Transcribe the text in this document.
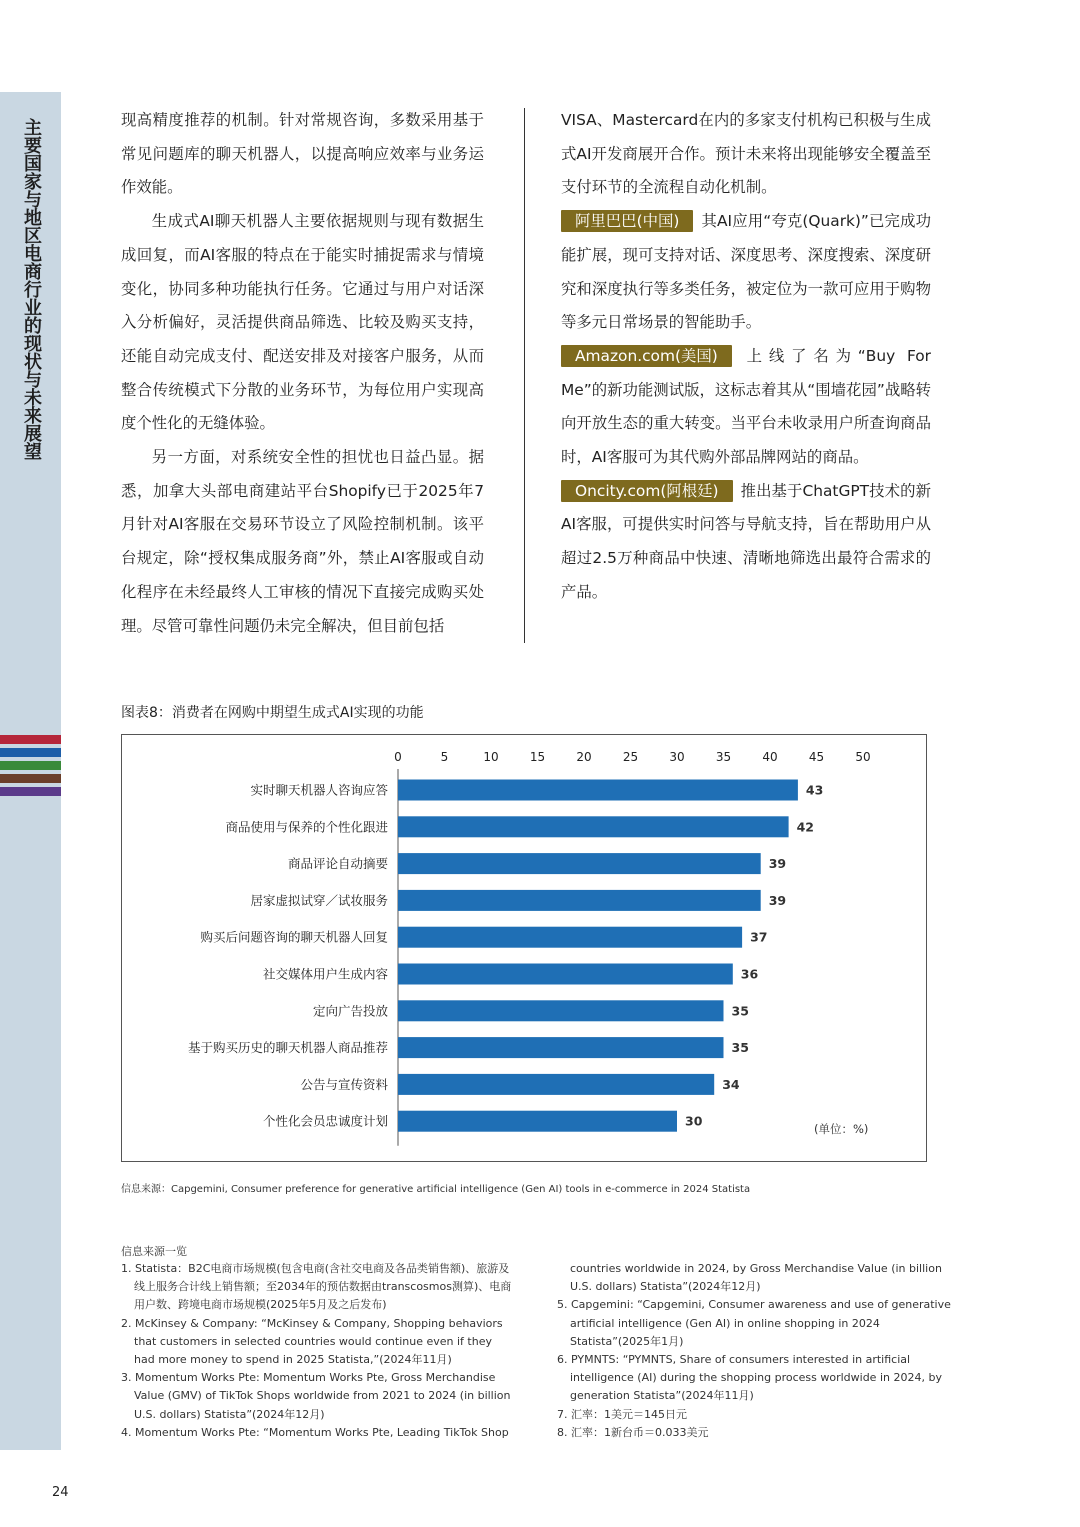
主要国家与地区电商行业的现状与未来展望	现高精度推荐的机制。针对常规咨询，多数采用基于常见问题库的聊天机器人，以提高响应效率与业务运作效能。

生成式AI聊天机器人主要依据规则与现有数据生成回复，而AI客服的特点在于能实时捕捉需求与情境变化，协同多种功能执行任务。它通过与用户对话深入分析偏好，灵活提供商品筛选、比较及购买支持，还能自动完成支付、配送安排及对接客户服务，从而整合传统模式下分散的业务环节，为每位用户实现高度个性化的无缝体验。

另一方面，对系统安全性的担忧也日益凸显。据悉，加拿大头部电商建站平台Shopify已于2025年7月针对AI客服在交易环节设立了风险控制机制。该平台规定，除“授权集成服务商”外，禁止AI客服或自动化程序在未经最终人工审核的情况下直接完成购买处理。尽管可靠性问题仍未完全解决，但目前包括

VISA、Mastercard在内的多家支付机构已积极与生成式AI开发商展开合作。预计未来将出现能够安全覆盖至支付环节的全流程自动化机制。

阿里巴巴(中国) 其AI应用“夸克(Quark)”已完成功能扩展，现可支持对话、深度思考、深度搜索、深度研究和深度执行等多类任务，被定位为一款可应用于购物等多元日常场景的智能助手。

Amazon.com(美国) 上线了名为“Buy For Me”的新功能测试版，这标志着其从“围墙花园”战略转向开放生态的重大转变。当平台未收录用户所查询商品时，AI客服可为其代购外部品牌网站的商品。

Oncity.com(阿根廷) 推出基于ChatGPT技术的新AI客服，可提供实时问答与导航支持，旨在帮助用户从超过2.5万种商品中快速、清晰地筛选出最符合需求的产品。

图表8：消费者在网购中期望生成式AI实现的功能
0	5	10	15	20	25	30	35	40	45	50
实时聊天机器人咨询应答	43
商品使用与保养的个性化跟进	42
商品评论自动摘要	39
居家虚拟试穿／试妆服务	39
购买后问题咨询的聊天机器人回复	37
社交媒体用户生成内容	36
定向广告投放	35
基于购买历史的聊天机器人商品推荐	35
公告与宣传资料	34
个性化会员忠诚度计划	30
(单位：%)
信息来源：Capgemini, Consumer preference for generative artificial intelligence (Gen AI) tools in e-commerce in 2024 Statista
信息来源一览
1. Statista：B2C电商市场规模(包含电商(含社交电商及各品类销售额)、旅游及线上服务合计线上销售额；至2034年的预估数据由transcosmos测算)、电商用户数、跨境电商市场规模(2025年5月及之后发布)
2. McKinsey & Company: “McKinsey & Company, Shopping behaviors that customers in selected countries would continue even if they had more money to spend in 2025 Statista,”(2024年11月)
3. Momentum Works Pte: Momentum Works Pte, Gross Merchandise Value (GMV) of TikTok Shops worldwide from 2021 to 2024 (in billion U.S. dollars) Statista”(2024年12月)
4. Momentum Works Pte: “Momentum Works Pte, Leading TikTok Shop
countries worldwide in 2024, by Gross Merchandise Value (in billion U.S. dollars) Statista”(2024年12月)
5. Capgemini: “Capgemini, Consumer awareness and use of generative artificial intelligence (Gen AI) in online shopping in 2024 Statista”(2025年1月)
6. PYMNTS: “PYMNTS, Share of consumers interested in artificial intelligence (AI) during the shopping process worldwide in 2024, by generation Statista”(2024年11月)
7. 汇率：1美元＝145日元
8. 汇率：1新台币＝0.033美元
24
